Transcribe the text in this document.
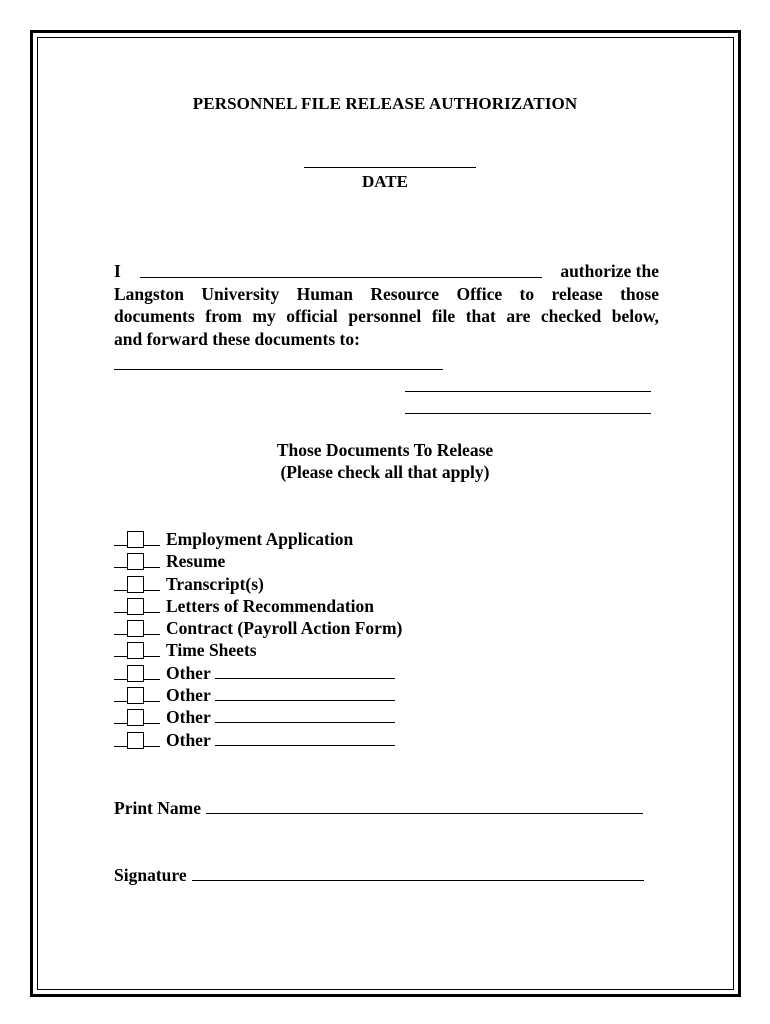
PERSONNEL FILE RELEASE AUTHORIZATION
DATE
I	authorize the
Langston University Human Resource Office to release those
documents from my official personnel file that are checked below,
and forward these documents to:
Those Documents To Release
(Please check all that apply)
Employment Application
Resume
Transcript(s)
Letters of Recommendation
Contract (Payroll Action Form)
Time Sheets
Other
Other
Other
Other
Print Name
Signature
